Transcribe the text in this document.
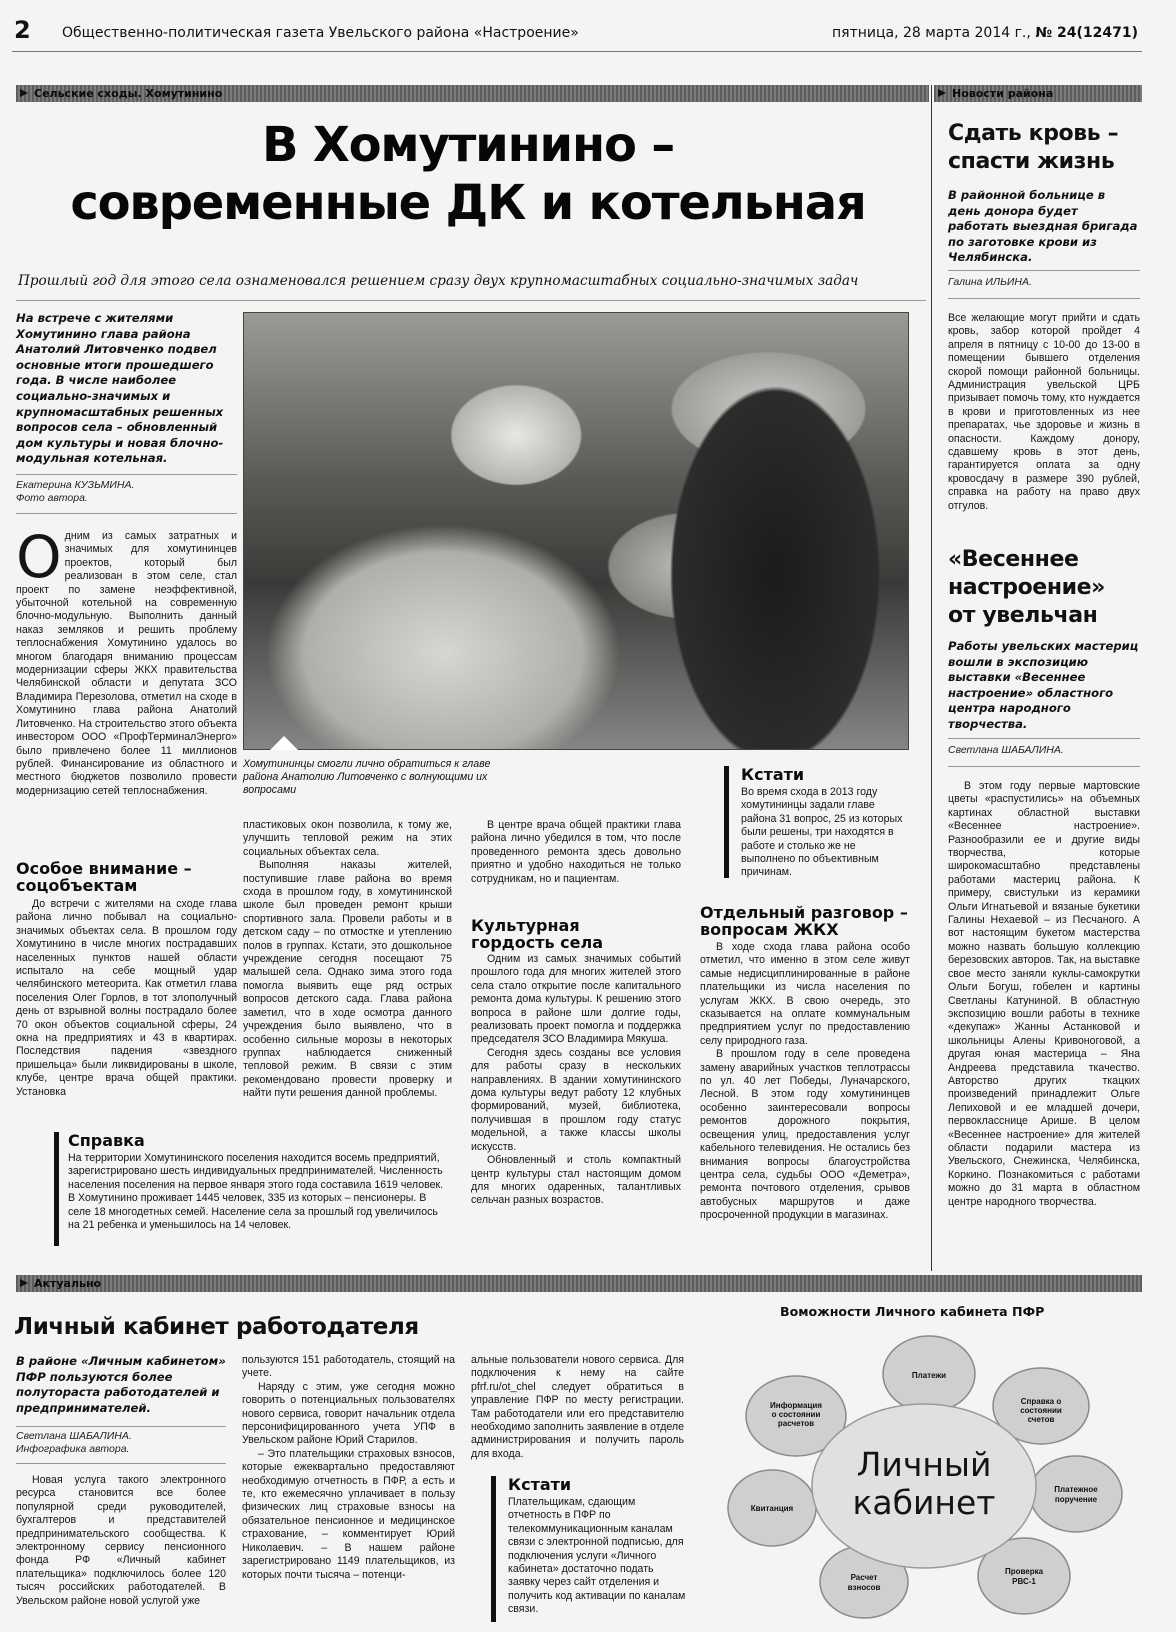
2 Общественно-политическая газета Увельского района «Настроение»	пятница, 28 марта 2014 г., № 24(12471)
Сельские сходы. Хомутинино	Новости района
В Хомутинино –
современные ДК и котельная
Прошлый год для этого села ознаменовался решением сразу двух крупномасштабных социально-значимых задач
На встрече с жителями Хомутинино глава района Анатолий Литовченко подвел основные итоги прошедшего года. В числе наиболее социально-значимых и крупномасштабных решенных вопросов села – обновленный дом культуры и новая блочно-модульная котельная.
Екатерина КУЗЬМИНА.
Фото автора.
Хомутининцы смогли лично обратиться к главе района Анатолию Литовченко с волнующими их вопросами
О дним из самых затратных и значимых для хомутининцев проектов, который был реализован в этом селе, стал проект по замене неэффективной, убыточной котельной на современную блочно-модульную. Выполнить данный наказ земляков и решить проблему теплоснабжения Хомутинино удалось во многом благодаря вниманию процессам модернизации сферы ЖКХ правительства Челябинской области и депутата ЗСО Владимира Перезолова, отметил на сходе в Хомутинино глава района Анатолий Литовченко. На строительство этого объекта инвестором ООО «ПрофТерминалЭнерго» было привлечено более 11 миллионов рублей. Финансирование из областного и местного бюджетов позволило провести модернизацию сетей теплоснабжения.
Особое внимание – соцобъектам

До встречи с жителями на сходе глава района лично побывал на социально-значимых объектах села. В прошлом году Хомутинино в числе многих пострадавших населенных пунктов нашей области испытало на себе мощный удар челябинского метеорита. Как отметил глава поселения Олег Горлов, в тот злополучный день от взрывной волны пострадало более 70 окон объектов социальной сферы, 24 окна на предприятиях и 43 в квартирах. Последствия падения «звездного пришельца» были ликвидированы в школе, клубе, центре врача общей практики. Установка

пластиковых окон позволила, к тому же, улучшить тепловой режим на этих социальных объектах села.

Выполняя наказы жителей, поступившие главе района во время схода в прошлом году, в хомутининской школе был проведен ремонт крыши спортивного зала. Провели работы и в детском саду – по отмостке и утеплению полов в группах. Кстати, это дошкольное учреждение сегодня посещают 75 малышей села. Однако зима этого года помогла выявить еще ряд острых вопросов детского сада. Глава района заметил, что в ходе осмотра данного учреждения было выявлено, что в особенно сильные морозы в некоторых группах наблюдается сниженный тепловой режим. В связи с этим рекомендовано провести проверку и найти пути решения данной проблемы.

В центре врача общей практики глава района лично убедился в том, что после проведенного ремонта здесь довольно приятно и удобно находиться не только сотрудникам, но и пациентам.

Культурная гордость села

Одним из самых значимых событий прошлого года для многих жителей этого села стало открытие после капитального ремонта дома культуры. К решению этого вопроса в районе шли долгие годы, реализовать проект помогла и поддержка председателя ЗСО Владимира Мякуша.

Сегодня здесь созданы все условия для работы сразу в нескольких направлениях. В здании хомутининского дома культуры ведут работу 12 клубных формирований, музей, библиотека, получившая в прошлом году статус модельной, а также классы школы искусств.

Обновленный и столь компактный центр культуры стал настоящим домом для многих одаренных, талантливых сельчан разных возрастов.

Кстати
Во время схода в 2013 году хомутининцы задали главе района 31 вопрос, 25 из которых были решены, три находятся в работе и столько же не выполнено по объективным причинам.
Отдельный разговор – вопросам ЖКХ

В ходе схода глава района особо отметил, что именно в этом селе живут самые недисциплинированные в районе плательщики из числа населения по услугам ЖКХ. В свою очередь, это сказывается на оплате коммунальным предприятием услуг по предоставлению селу природного газа.

В прошлом году в селе проведена замену аварийных участков теплотрассы по ул. 40 лет Победы, Луначарского, Лесной. В этом году хомутининцев особенно заинтересовали вопросы ремонтов дорожного покрытия, освещения улиц, предоставления услуг кабельного телевидения. Не остались без внимания вопросы благоустройства центра села, судьбы ООО «Деметра», ремонта почтового отделения, срывов автобусных маршрутов и даже просроченной продукции в магазинах.

Справка
На территории Хомутининского поселения находится восемь предприятий, зарегистрировано шесть индивидуальных предпринимателей. Численность населения поселения на первое января этого года составила 1619 человек. В Хомутинино проживает 1445 человек, 335 из которых – пенсионеры. В селе 18 многодетных семей. Население села за прошлый год увеличилось на 21 ребенка и уменьшилось на 14 человек.
Сдать кровь –
спасти жизнь
В районной больнице в день донора будет работать выездная бригада по заготовке крови из Челябинска.
Галина ИЛЬИНА.
Все желающие могут прийти и сдать кровь, забор которой пройдет 4 апреля в пятницу с 10-00 до 13-00 в помещении бывшего отделения скорой помощи районной больницы. Администрация увельской ЦРБ призывает помочь тому, кто нуждается в крови и приготовленных из нее препаратах, чье здоровье и жизнь в опасности. Каждому донору, сдавшему кровь в этот день, гарантируется оплата за одну кровосдачу в размере 390 рублей, справка на работу на право двух отгулов.
«Весеннее
настроение»
от увельчан
Работы увельских мастериц вошли в экспозицию выставки «Весеннее настроение» областного центра народного творчества.
Светлана ШАБАЛИНА.

В этом году первые мартовские цветы «распустились» на объемных картинах областной выставки «Весеннее настроение». Разнообразили ее и другие виды творчества, которые широкомасштабно представлены работами мастериц района. К примеру, свистульки из керамики Ольги Игнатьевой и вязаные букетики Галины Нехаевой – из Песчаного. А вот настоящим букетом мастерства можно назвать большую коллекцию березовских авторов. Так, на выставке свое место заняли куклы-самокрутки Ольги Богуш, гобелен и картины Светланы Катуниной. В областную экспозицию вошли работы в технике «декупаж» Жанны Астанковой и школьницы Алены Кривоноговой, а другая юная мастерица – Яна Андреева представила ткачество. Авторство других ткацких произведений принадлежит Ольге Лепиховой и ее младшей дочери, первокласснице Арише. В целом «Весеннее настроение» для жителей области подарили мастера из Увельского, Снежинска, Челябинска, Коркино. Познакомиться с работами можно до 31 марта в областном центре народного творчества.

Актуально
Личный кабинет работодателя
В районе «Личным кабинетом» ПФР пользуются более полутораста работодателей и предпринимателей.
Светлана ШАБАЛИНА.
Инфографика автора.

Новая услуга такого электронного ресурса становится все более популярной среди руководителей, бухгалтеров и представителей предпринимательского сообщества. К электронному сервису пенсионного фонда РФ «Личный кабинет плательщика» подключилось более 120 тысяч российских работодателей. В Увельском районе новой услугой уже

пользуются 151 работодатель, стоящий на учете.

Наряду с этим, уже сегодня можно говорить о потенциальных пользователях нового сервиса, говорит начальник отдела персонифицированного учета УПФ в Увельском районе Юрий Старилов.

– Это плательщики страховых взносов, которые ежеквартально предоставляют необходимую отчетность в ПФР, а есть и те, кто ежемесячно уплачивает в пользу физических лиц страховые взносы на обязательное пенсионное и медицинское страхование, – комментирует Юрий Николаевич. – В нашем районе зарегистрировано 1149 плательщиков, из которых почти тысяча – потенци-

альные пользователи нового сервиса. Для подключения к нему на сайте pfrf.ru/ot_chel следует обратиться в управление ПФР по месту регистрации. Там работодатели или его представителю необходимо заполнить заявление в отделе администрирования и получить пароль для входа.

Кстати
Плательщикам, сдающим отчетность в ПФР по телекоммуникационным каналам связи с электронной подписью, для подключения услуги «Личного кабинета» достаточно подать заявку через сайт отделения и получить код активации по каналам связи.
Воможности Личного кабинета ПФР
Платежи
Справка о состоянии счетов
Платежное поручение
Проверка РВС-1
Расчет взносов
Квитанция
Информация о состоянии расчетов
Личный
кабинет
